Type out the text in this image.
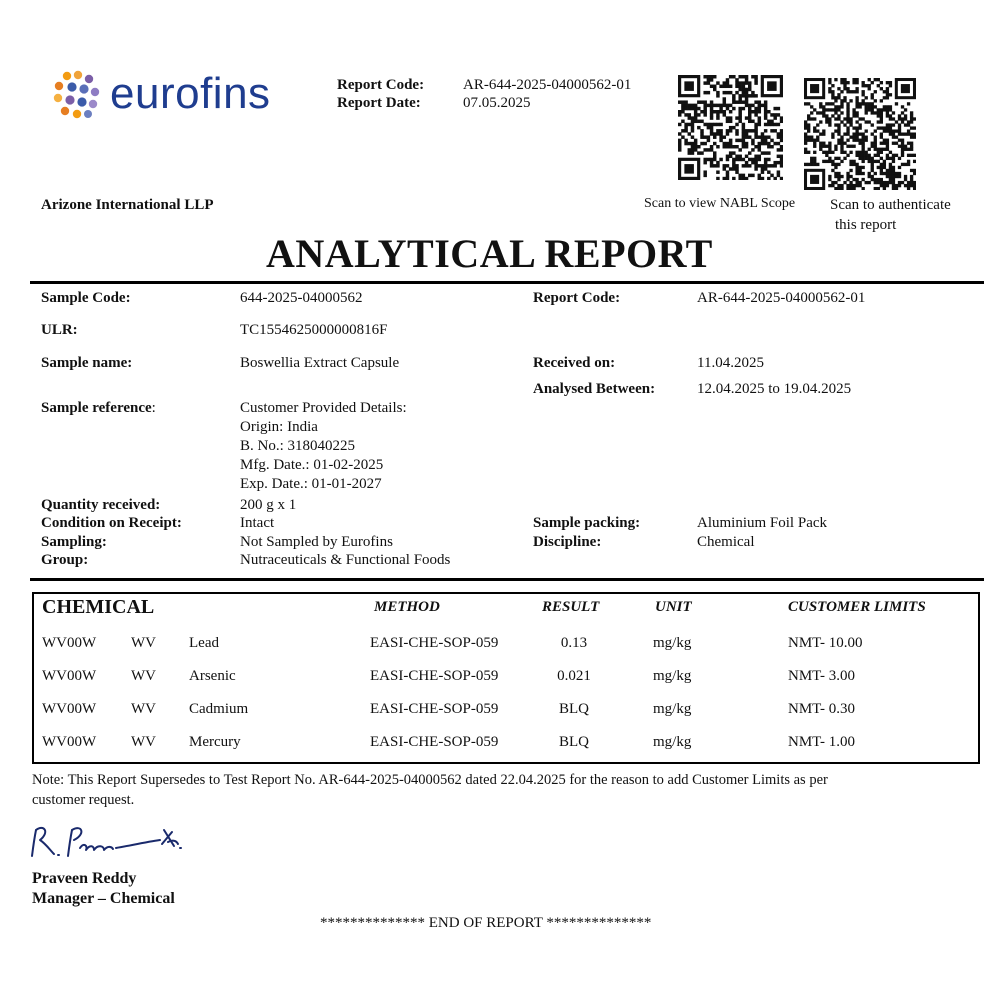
eurofins	Report Code:	AR-644-2025-04000562-01
Report Date:	07.05.2025
Scan to view NABL Scope Scan to authenticate
this report
Arizone International LLP
ANALYTICAL REPORT
Sample Code:	644-2025-04000562	Report Code:	AR-644-2025-04000562-01
ULR:	TC1554625000000816F
Sample name:	Boswellia Extract Capsule	Received on:	11.04.2025
Analysed Between:	12.04.2025 to 19.04.2025
Sample reference:	Customer Provided Details:
Origin: India
B. No.: 318040225
Mfg. Date.: 01-02-2025
Exp. Date.: 01-01-2027
Quantity received:	200 g x 1
Condition on Receipt:	Intact	Sample packing:	Aluminium Foil Pack
Sampling:	Not Sampled by Eurofins	Discipline:	Chemical
Group:	Nutraceuticals & Functional Foods
CHEMICAL	METHOD	RESULT	UNIT	CUSTOMER LIMITS
WV00W WV Lead	EASI-CHE-SOP-059	0.13	mg/kg	NMT- 10.00
WV00W WV Arsenic	EASI-CHE-SOP-059	0.021	mg/kg	NMT- 3.00
WV00W WV Cadmium	EASI-CHE-SOP-059	BLQ	mg/kg	NMT- 0.30
WV00W WV Mercury	EASI-CHE-SOP-059	BLQ	mg/kg	NMT- 1.00
Note: This Report Supersedes to Test Report No. AR-644-2025-04000562 dated 22.04.2025 for the reason to add Customer Limits as per
customer request.
Praveen Reddy
Manager – Chemical
************** END OF REPORT **************
